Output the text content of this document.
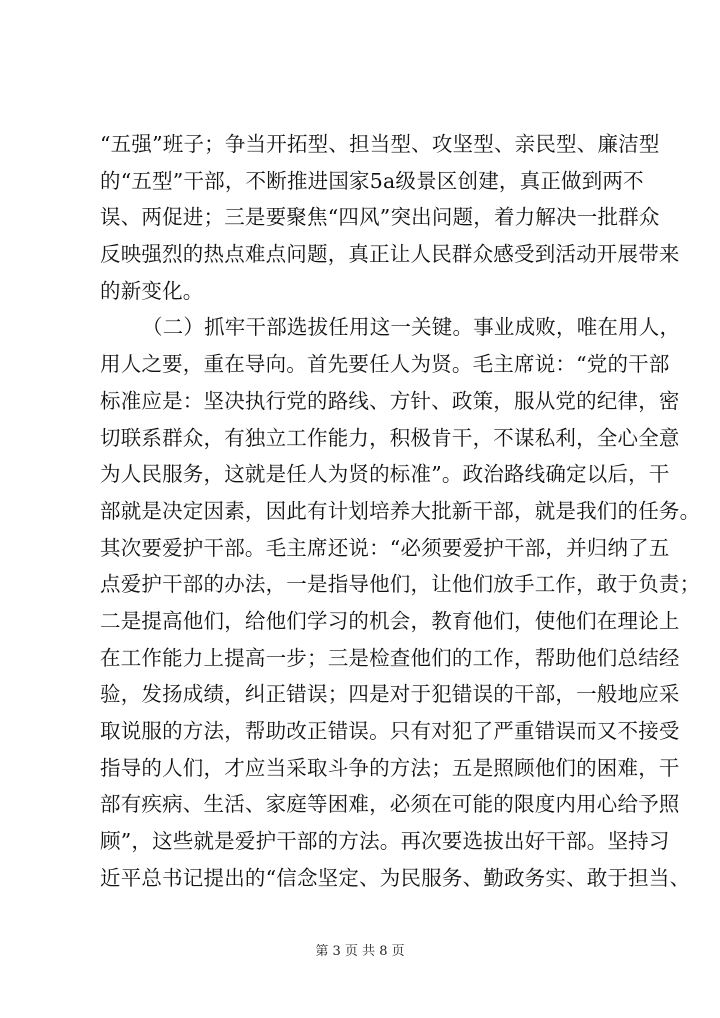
“五强”班子；争当开拓型、担当型、攻坚型、亲民型、廉洁型
的“五型”干部，不断推进国家5a级景区创建，真正做到两不
误、两促进；三是要聚焦“四风”突出问题，着力解决一批群众
反映强烈的热点难点问题，真正让人民群众感受到活动开展带来
的新变化。
（二）抓牢干部选拔任用这一关键。事业成败，唯在用人，
用人之要，重在导向。首先要任人为贤。毛主席说：“党的干部
标准应是：坚决执行党的路线、方针、政策，服从党的纪律，密
切联系群众，有独立工作能力，积极肯干，不谋私利，全心全意
为人民服务，这就是任人为贤的标准”。政治路线确定以后，干
部就是决定因素，因此有计划培养大批新干部，就是我们的任务。
其次要爱护干部。毛主席还说：“必须要爱护干部，并归纳了五
点爱护干部的办法，一是指导他们，让他们放手工作，敢于负责；
二是提高他们，给他们学习的机会，教育他们，使他们在理论上
在工作能力上提高一步；三是检查他们的工作，帮助他们总结经
验，发扬成绩，纠正错误；四是对于犯错误的干部，一般地应采
取说服的方法，帮助改正错误。只有对犯了严重错误而又不接受
指导的人们，才应当采取斗争的方法；五是照顾他们的困难，干
部有疾病、生活、家庭等困难，必须在可能的限度内用心给予照
顾”，这些就是爱护干部的方法。再次要选拔出好干部。坚持习
近平总书记提出的“信念坚定、为民服务、勤政务实、敢于担当、
第 3 页 共 8 页
